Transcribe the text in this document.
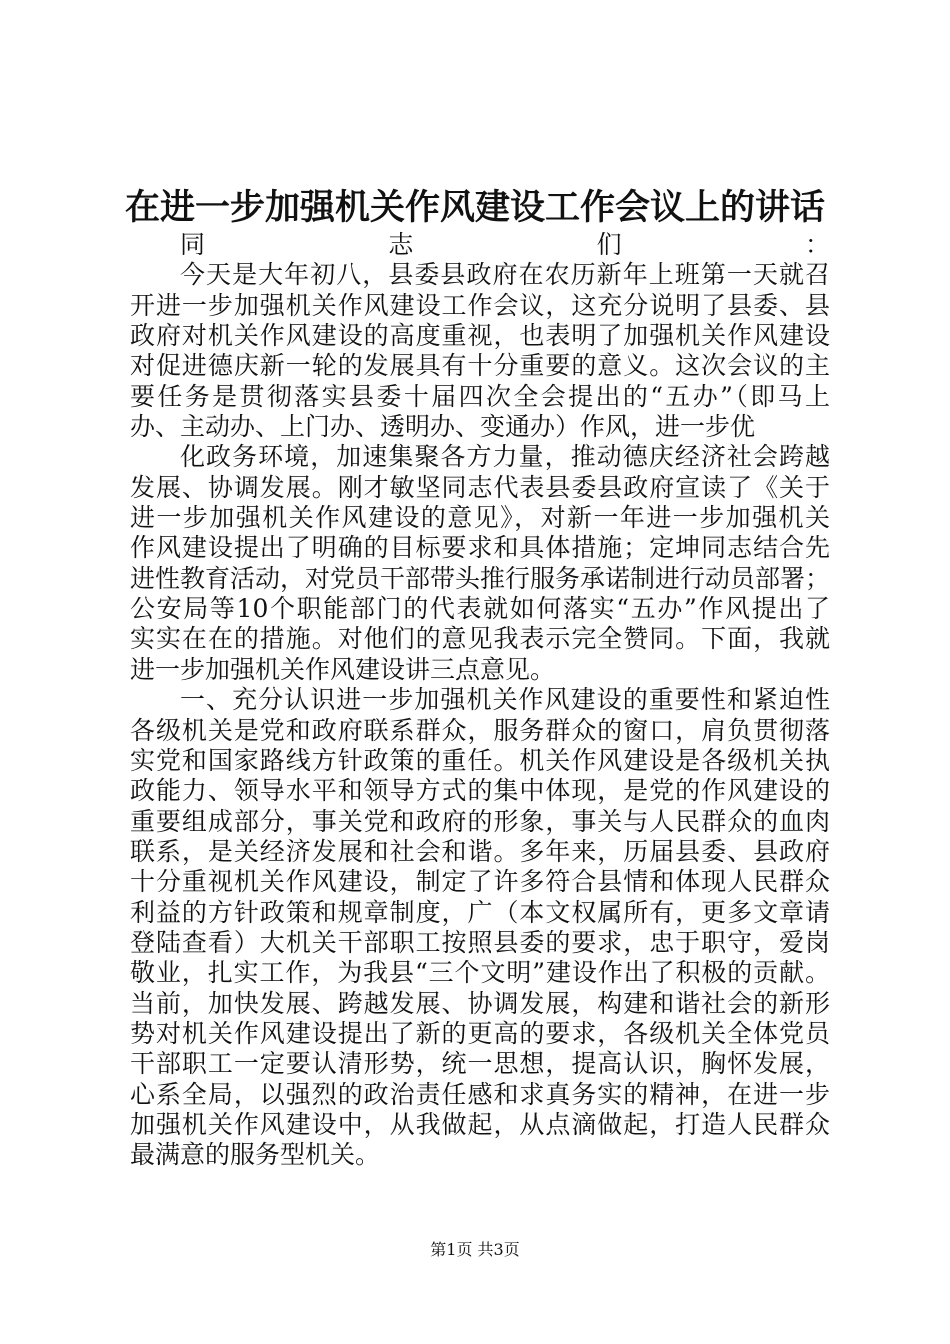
在进一步加强机关作风建设工作会议上的讲话
同志们：
今天是大年初八，县委县政府在农历新年上班第一天就召
开进一步加强机关作风建设工作会议，这充分说明了县委、县
政府对机关作风建设的高度重视，也表明了加强机关作风建设
对促进德庆新一轮的发展具有十分重要的意义。这次会议的主
要任务是贯彻落实县委十届四次全会提出的“五办”（即马上
办、主动办、上门办、透明办、变通办）作风，进一步优
化政务环境，加速集聚各方力量，推动德庆经济社会跨越
发展、协调发展。刚才敏坚同志代表县委县政府宣读了《关于
进一步加强机关作风建设的意见》，对新一年进一步加强机关
作风建设提出了明确的目标要求和具体措施；定坤同志结合先
进性教育活动，对党员干部带头推行服务承诺制进行动员部署；
公安局等10个职能部门的代表就如何落实“五办”作风提出了
实实在在的措施。对他们的意见我表示完全赞同。下面，我就
进一步加强机关作风建设讲三点意见。
一、充分认识进一步加强机关作风建设的重要性和紧迫性
各级机关是党和政府联系群众，服务群众的窗口，肩负贯彻落
实党和国家路线方针政策的重任。机关作风建设是各级机关执
政能力、领导水平和领导方式的集中体现，是党的作风建设的
重要组成部分，事关党和政府的形象，事关与人民群众的血肉
联系，是关经济发展和社会和谐。多年来，历届县委、县政府
十分重视机关作风建设，制定了许多符合县情和体现人民群众
利益的方针政策和规章制度，广（本文权属所有，更多文章请
登陆查看）大机关干部职工按照县委的要求，忠于职守，爱岗
敬业，扎实工作，为我县“三个文明”建设作出了积极的贡献。
当前，加快发展、跨越发展、协调发展，构建和谐社会的新形
势对机关作风建设提出了新的更高的要求，各级机关全体党员
干部职工一定要认清形势，统一思想，提高认识，胸怀发展，
心系全局，以强烈的政治责任感和求真务实的精神，在进一步
加强机关作风建设中，从我做起，从点滴做起，打造人民群众
最满意的服务型机关。
第1页 共3页
